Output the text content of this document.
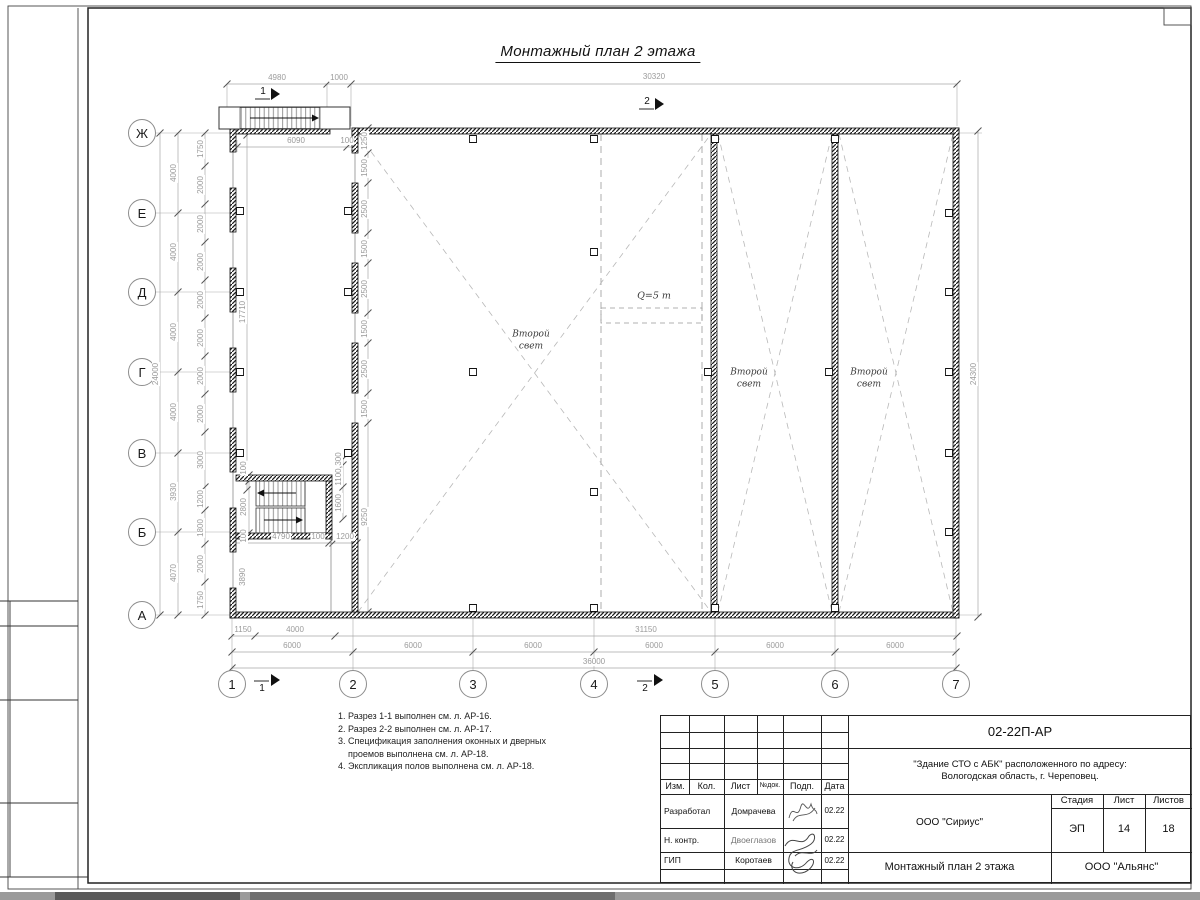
Монтажный план 2 этажа
Ж
Е
Д
Г
В
Б
А
1	2	3	4	5	6	7
4980	1000	30320
6090	100
1150	4000	31150
6000	6000	6000	6000	6000	6000
36000
4790	100 1200
24000
4000
4000
4000
4000
3930
4070
1750
2000
2000
2000
2000
2000
2000
2000
3000
1200
1800
2000
1750
17710
100
2800
100
3890
300
1100
1600
1250
1500
2500
1500
2500
1500
2500
1500
9250
24300
Второй свет
Второй свет
Второй свет
Q=5 т
1
2
1	2
1. Разрез 1-1 выполнен см. л. АР-16.
2. Разрез 2-2 выполнен см. л. АР-17.
3. Спецификация заполнения оконных и дверных
проемов выполнена см. л. АР-18.
4. Экспликация полов выполнена см. л. АР-18.
Изм.	Кол.	Лист	№док.	Подп.	Дата
02-22П-АР
"Здание СТО с АБК" расположенного по адресу:
Вологодская область, г. Череповец.
ООО "Сириус"
Монтажный план 2 этажа
Стадия	Лист	Листов
ЭП	14	18
ООО "Альянс"
Разработал	Домрачева	02.22
Н. контр.	Двоеглазов	02.22
ГИП	Коротаев	02.22
